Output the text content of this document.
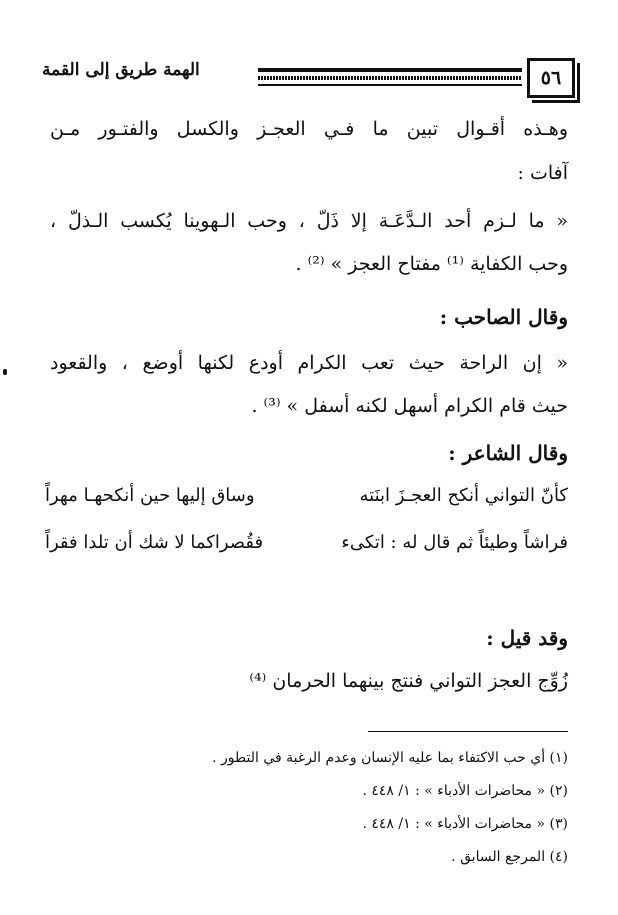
٥٦
الهمة طريق إلى القمة
وهـذه أقـوال تبين ما فـي العجـز والكسل والفتـور مـن
آفات :
« ما لـزم أحد الـدَّعَـة إلا ذَلّ ، وحب الـهوينا يُكسب الـذلّ ،
وحب الكفاية ⁽¹⁾ مفتاح العجز » ⁽²⁾ .
وقال الصاحب :
« إن الراحة حيث تعب الكرام أودع لكنها أوضع ، والقعود
حيث قام الكرام أسهل لكنه أسفل » ⁽³⁾ .
وقال الشاعر :
كأنّ التواني أنكح العجـزَ ابنَته
وساق إليها حين أنكحهـا مهراً
فراشاً وطيئاً ثم قال له : اتكىء
فقُصراكما لا شك أن تلدا فقراً
وقد قيل :
زُوِّج العجز التواني فنتج بينهما الحرمان ⁽⁴⁾
(١) أي حب الاكتفاء بما عليه الإنسان وعدم الرغبة في التطور .
(٢) « محاضرات الأدباء » : ١/ ٤٤٨ .
(٣) « محاضرات الأدباء » : ١/ ٤٤٨ .
(٤) المرجع السابق .
